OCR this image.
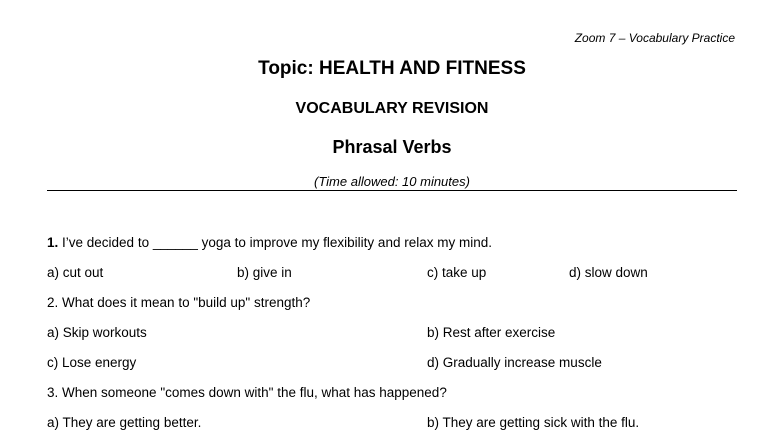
Zoom 7 – Vocabulary Practice
Topic: HEALTH AND FITNESS
VOCABULARY REVISION
Phrasal Verbs
(Time allowed: 10 minutes)
1. I’ve decided to ______ yoga to improve my flexibility and relax my mind.
a) cut out	b) give in	c) take up	d) slow down
2. What does it mean to "build up" strength?
a) Skip workouts	b) Rest after exercise
c) Lose energy	d) Gradually increase muscle
3. When someone "comes down with" the flu, what has happened?
a) They are getting better.	b) They are getting sick with the flu.
